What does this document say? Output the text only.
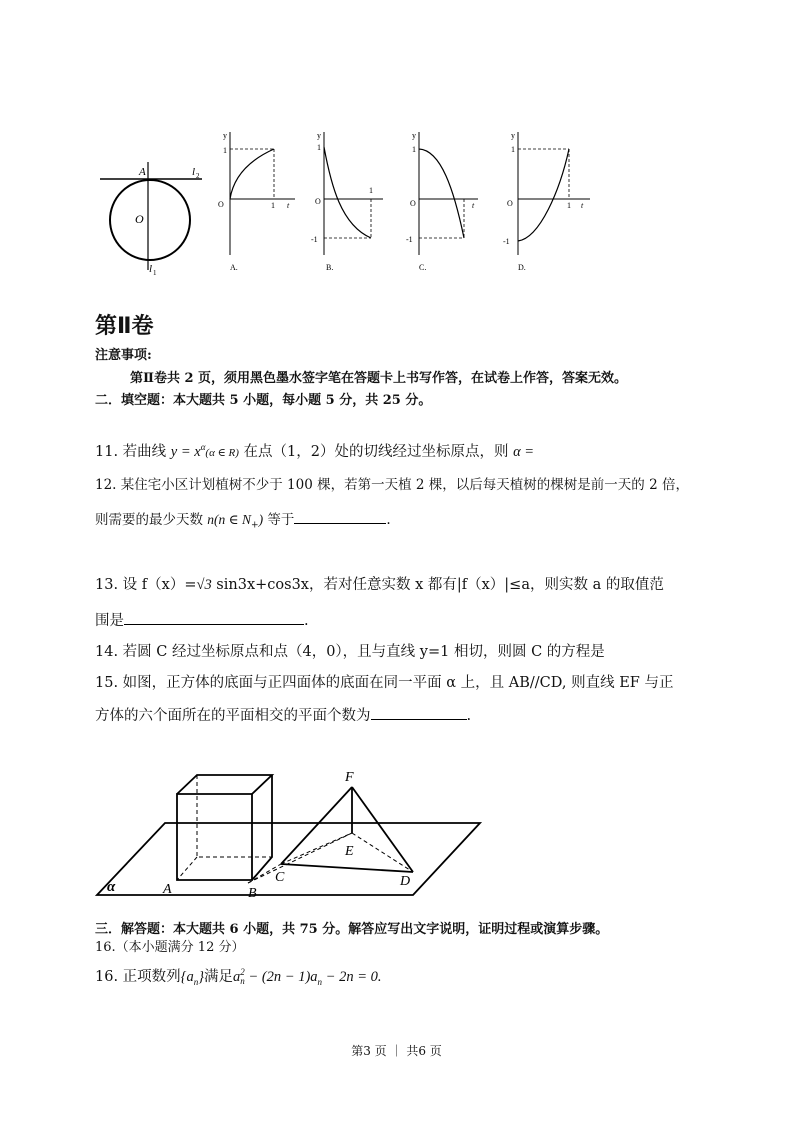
A
O
l 2
l 1
y
1
O	1 t
A.
y
1
O
-1
1
B.
y
1
O
-1
t
C.
y
1
O
-1
1 t
D.
第Ⅱ卷
注意事项:
第Ⅱ卷共 2 页，须用黑色墨水签字笔在答题卡上书写作答，在试卷上作答，答案无效。
二．填空题：本大题共 5 小题，每小题 5 分，共 25 分。
11. 若曲线 $y = x^\alpha(\alpha$ ∈ R) 在点（1，2）处的切线经过坐标原点，则 α =
12. 某住宅小区计划植树不少于 100 棵，若第一天植 2 棵，以后每天植树的棵树是前一天的 2 倍，
则需要的最少天数 n(n ∈ $N_+$) 等于	.
13. 设 f（x）=√3 sin3x+cos3x，若对任意实数 x 都有|f（x）|≤a，则实数 a 的取值范
围是	.
14. 若圆 C 经过坐标原点和点（4，0），且与直线 y=1 相切，则圆 C 的方程是
15. 如图，正方体的底面与正四面体的底面在同一平面 α 上，且 AB//CD, 则直线 EF 与正
方体的六个面所在的平面相交的平面个数为	.
α	A	B
C	D
E
F
三．解答题：本大题共 6 小题，共 75 分。解答应写出文字说明，证明过程或演算步骤。
16.（本小题满分 12 分）
16. 正项数列$\{a_n\}$满足a 2
$n - (2n - 1)a_n - 2n = 0$.
第3 页 ｜ 共6 页
